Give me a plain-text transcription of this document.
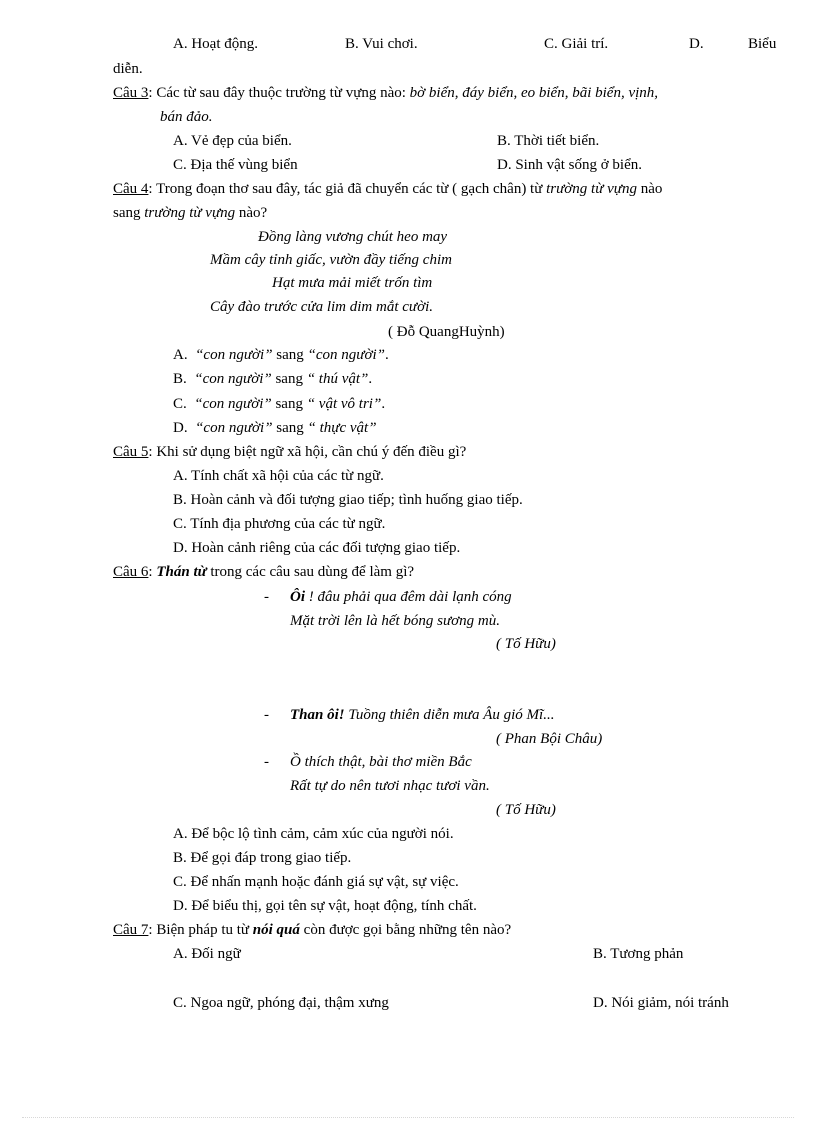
A. Hoạt động.	B. Vui chơi.	C. Giải trí.	D.	Biểu
diễn.
Câu 3: Các từ sau đây thuộc trường từ vựng nào: bờ biển, đáy biển, eo biển, bãi biển, vịnh,
bán đảo.
A. Vẻ đẹp của biển.	B. Thời tiết biển.
C. Địa thế vùng biển	D. Sinh vật sống ở biển.
Câu 4: Trong đoạn thơ sau đây, tác giả đã chuyển các từ ( gạch chân) từ trường từ vựng nào
sang trường từ vựng nào?
Đồng làng vương chút heo may
Mầm cây tỉnh giấc, vườn đầy tiếng chim
Hạt mưa mải miết trốn tìm
Cây đào trước cửa lim dim mắt cười.
( Đỗ QuangHuỳnh)
A. “con người” sang “con người”.
B. “con người” sang “ thú vật”.
C. “con người” sang “ vật vô tri”.
D. “con người” sang “ thực vật”
Câu 5: Khi sử dụng biệt ngữ xã hội, cần chú ý đến điều gì?
A. Tính chất xã hội của các từ ngữ.
B. Hoàn cảnh và đối tượng giao tiếp; tình huống giao tiếp.
C. Tính địa phương của các từ ngữ.
D. Hoàn cảnh riêng của các đối tượng giao tiếp.
Câu 6: Thán từ trong các câu sau dùng để làm gì?
- Ôi ! đâu phải qua đêm dài lạnh cóng
Mặt trời lên là hết bóng sương mù.
( Tố Hữu)
- Than ôi! Tuồng thiên diễn mưa Âu gió Mĩ...
( Phan Bội Châu)
- Ồ thích thật, bài thơ miền Bắc
Rất tự do nên tươi nhạc tươi vần.
( Tố Hữu)
A. Để bộc lộ tình cảm, cảm xúc của người nói.
B. Để gọi đáp trong giao tiếp.
C. Để nhấn mạnh hoặc đánh giá sự vật, sự việc.
D. Để biểu thị, gọi tên sự vật, hoạt động, tính chất.
Câu 7: Biện pháp tu từ nói quá còn được gọi bằng những tên nào?
A. Đối ngữ	B. Tương phản
C. Ngoa ngữ, phóng đại, thậm xưng	D. Nói giảm, nói tránh
